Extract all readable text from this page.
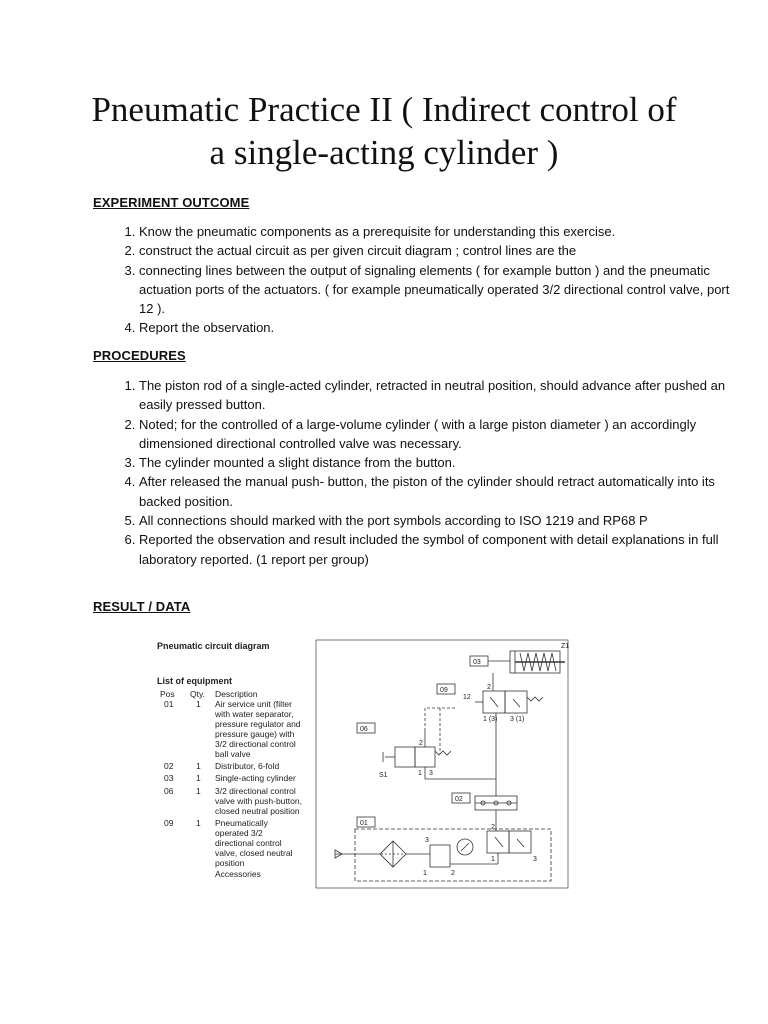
Pneumatic Practice II ( Indirect control of
a single-acting cylinder )
EXPERIMENT OUTCOME
1. Know the pneumatic components as a prerequisite for understanding this exercise.
2. construct the actual circuit as per given circuit diagram ; control lines are the
3. connecting lines between the output of signaling elements ( for example button ) and the pneumatic actuation ports of the actuators. ( for example pneumatically operated 3/2 directional control valve, port 12 ).
4. Report the observation.
PROCEDURES
1. The piston rod of a single-acted cylinder, retracted in neutral position, should advance after pushed an easily pressed button.
2. Noted; for the controlled of a large-volume cylinder ( with a large piston diameter ) an accordingly dimensioned directional controlled valve was necessary.
3. The cylinder mounted a slight distance from the button.
4. After released the manual push- button, the piston of the cylinder should retract automatically into its backed position.
5. All connections should marked with the port symbols according to ISO 1219 and RP68 P
6. Reported the observation and result included the symbol of component with detail explanations in full laboratory reported. (1 report per group)
RESULT / DATA
Pneumatic circuit diagram
List of equipment
Pos Qty. Description
01	1 Air service unit (filter
with water separator,
pressure regulator and
pressure gauge) with
3/2 directional control
ball valve
02	1 Distributor, 6-fold
03	1 Single-acting cylinder
06	1 3/2 directional control
valve with push-button,
closed neutral position
09	1 Pneumatically
operated 3/2
directional control
valve, closed neutral
position
Accessories
Z1
03
09
12
2
1 (3) 3 (1)
06
2
1 3
S1
02
01
2
1	3
3
1	2
